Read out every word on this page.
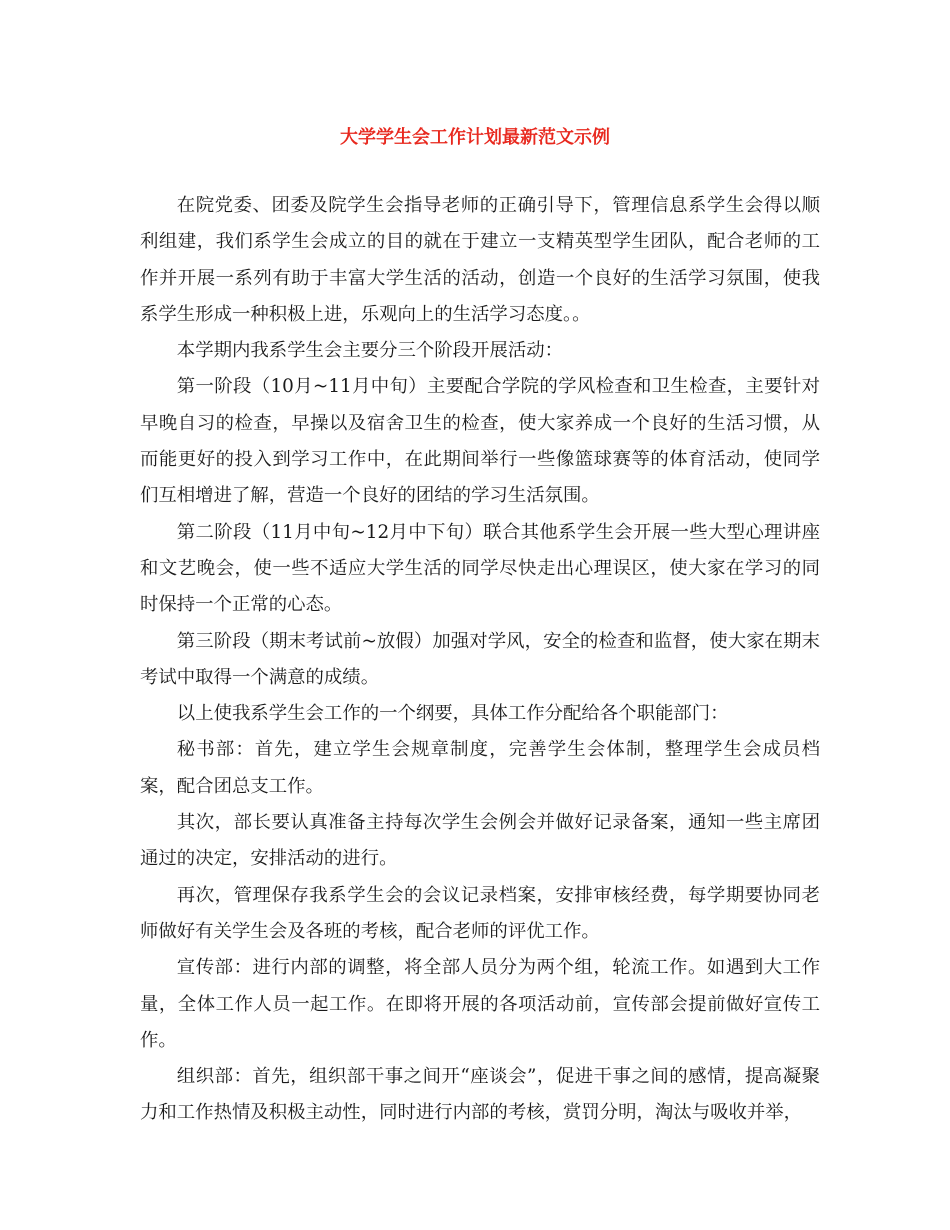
大学学生会工作计划最新范文示例

在院党委、团委及院学生会指导老师的正确引导下，管理信息系学生会得以顺利组建，我们系学生会成立的目的就在于建立一支精英型学生团队，配合老师的工作并开展一系列有助于丰富大学生活的活动，创造一个良好的生活学习氛围，使我系学生形成一种积极上进，乐观向上的生活学习态度。。

本学期内我系学生会主要分三个阶段开展活动：

第一阶段（10月~11月中旬）主要配合学院的学风检查和卫生检查，主要针对早晚自习的检查，早操以及宿舍卫生的检查，使大家养成一个良好的生活习惯，从而能更好的投入到学习工作中，在此期间举行一些像篮球赛等的体育活动，使同学们互相增进了解，营造一个良好的团结的学习生活氛围。

第二阶段（11月中旬~12月中下旬）联合其他系学生会开展一些大型心理讲座和文艺晚会，使一些不适应大学生活的同学尽快走出心理误区，使大家在学习的同时保持一个正常的心态。

第三阶段（期末考试前~放假）加强对学风，安全的检查和监督，使大家在期末考试中取得一个满意的成绩。

以上使我系学生会工作的一个纲要，具体工作分配给各个职能部门：

秘书部：首先，建立学生会规章制度，完善学生会体制，整理学生会成员档案，配合团总支工作。

其次，部长要认真准备主持每次学生会例会并做好记录备案，通知一些主席团通过的决定，安排活动的进行。

再次，管理保存我系学生会的会议记录档案，安排审核经费，每学期要协同老师做好有关学生会及各班的考核，配合老师的评优工作。

宣传部：进行内部的调整，将全部人员分为两个组，轮流工作。如遇到大工作量，全体工作人员一起工作。在即将开展的各项活动前，宣传部会提前做好宣传工作。

组织部：首先，组织部干事之间开“座谈会”，促进干事之间的感情，提高凝聚力和工作热情及积极主动性，同时进行内部的考核，赏罚分明，淘汰与吸收并举，
